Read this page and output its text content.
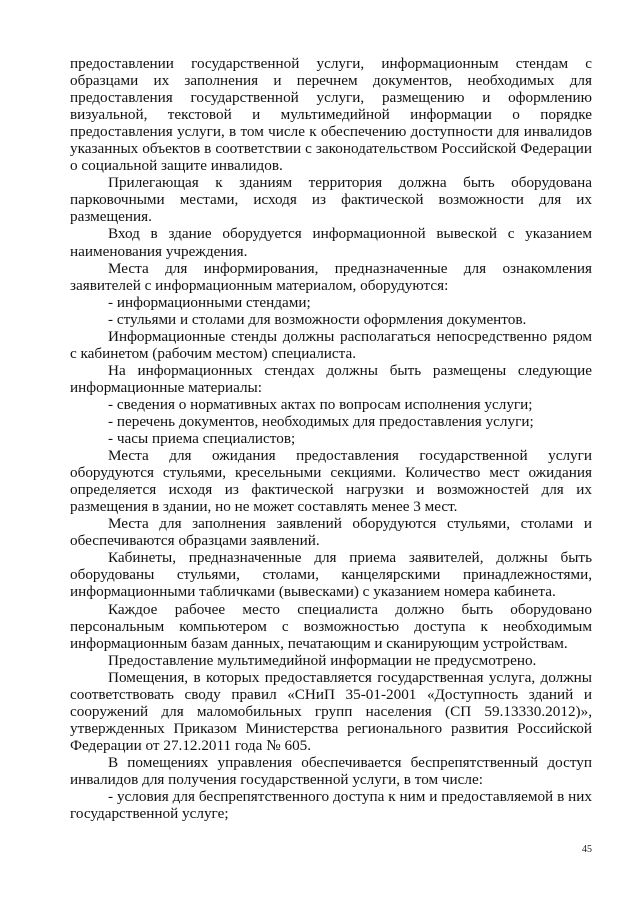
предоставлении государственной услуги, информационным стендам с образцами их заполнения и перечнем документов, необходимых для предоставления государственной услуги, размещению и оформлению визуальной, текстовой и мультимедийной информации о порядке предоставления услуги, в том числе к обеспечению доступности для инвалидов указанных объектов в соответствии с законодательством Российской Федерации о социальной защите инвалидов.

Прилегающая к зданиям территория должна быть оборудована парковочными местами, исходя из фактической возможности для их размещения.

Вход в здание оборудуется информационной вывеской с указанием наименования учреждения.

Места для информирования, предназначенные для ознакомления заявителей с информационным материалом, оборудуются:

- информационными стендами;

- стульями и столами для возможности оформления документов.

Информационные стенды должны располагаться непосредственно рядом с кабинетом (рабочим местом) специалиста.

На информационных стендах должны быть размещены следующие информационные материалы:

- сведения о нормативных актах по вопросам исполнения услуги;

- перечень документов, необходимых для предоставления услуги;

- часы приема специалистов;

Места для ожидания предоставления государственной услуги оборудуются стульями, кресельными секциями. Количество мест ожидания определяется исходя из фактической нагрузки и возможностей для их размещения в здании, но не может составлять менее 3 мест.

Места для заполнения заявлений оборудуются стульями, столами и обеспечиваются образцами заявлений.

Кабинеты, предназначенные для приема заявителей, должны быть оборудованы стульями, столами, канцелярскими принадлежностями, информационными табличками (вывесками) с указанием номера кабинета.

Каждое рабочее место специалиста должно быть оборудовано персональным компьютером с возможностью доступа к необходимым информационным базам данных, печатающим и сканирующим устройствам.

Предоставление мультимедийной информации не предусмотрено.

Помещения, в которых предоставляется государственная услуга, должны соответствовать своду правил «СНиП 35-01-2001 «Доступность зданий и сооружений для маломобильных групп населения (СП 59.13330.2012)», утвержденных Приказом Министерства регионального развития Российской Федерации от 27.12.2011 года № 605.

В помещениях управления обеспечивается беспрепятственный доступ инвалидов для получения государственной услуги, в том числе:

- условия для беспрепятственного доступа к ним и предоставляемой в них государственной услуге;

45
